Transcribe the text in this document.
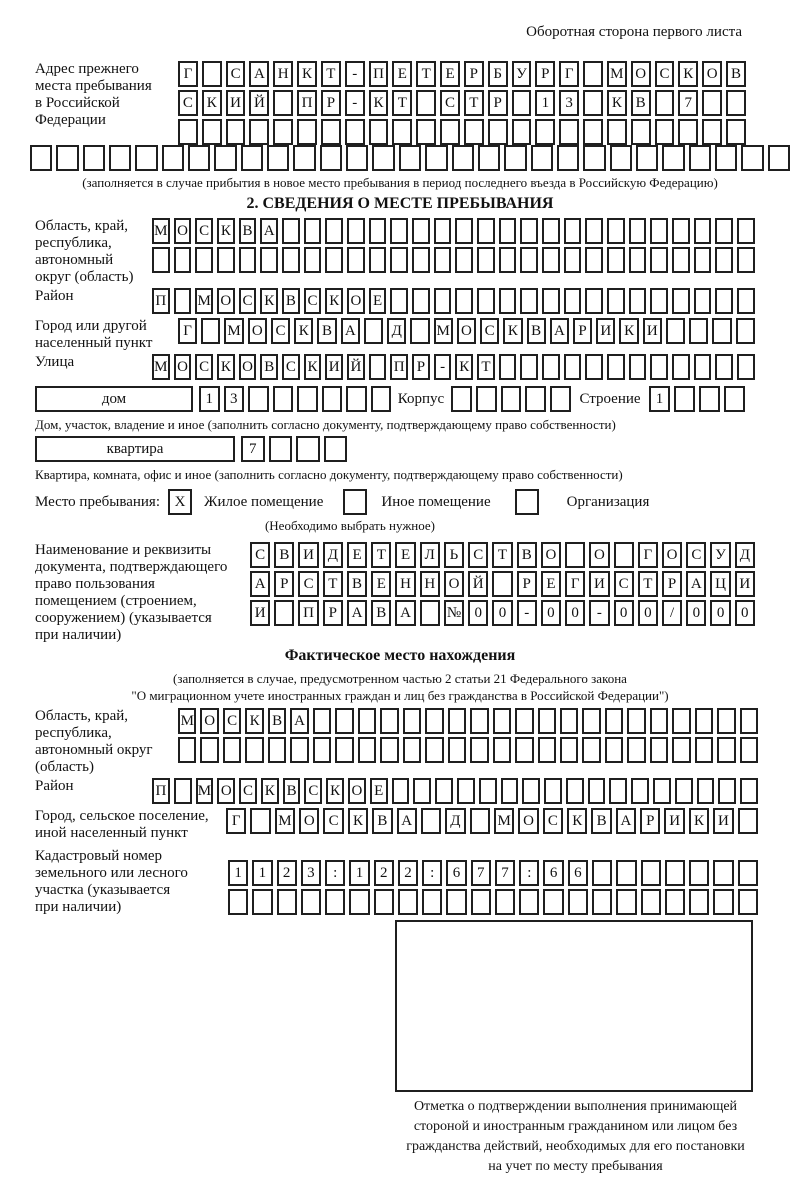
Оборотная сторона первого листа
Адрес прежнего
места пребывания
в Российской
Федерации
Г	С А Н К Т	-	П Е Т Е	Р	Б У Р	Г	М О С К О В
С К И Й	П Р	-	К Т	С Т	Р	1	3	К В	7
(заполняется в случае прибытия в новое место пребывания в период последнего въезда в Российскую Федерацию)
2. СВЕДЕНИЯ О МЕСТЕ ПРЕБЫВАНИЯ
Область, край,
республика,
автономный
округ (область)
М О С К В А
Район	П М О С К В С К О Е
Город или другой
населенный пункт
Г	М О С К В А	Д	М О С К В А Р И К И
Улица	М О С К О В С К И Й П Р	- К Т
дом	1	3	Корпус	Строение	1
Дом, участок, владение и иное (заполнить согласно документу, подтверждающему право собственности)
квартира	7
Квартира, комната, офис и иное (заполнить согласно документу, подтверждающему право собственности)
Место пребывания: X	Жилое помещение	Иное помещение	Организация
(Необходимо выбрать нужное)
Наименование и реквизиты
документа, подтверждающего
право пользования
помещением (строением,
сооружением) (указывается
при наличии)
С В И Д Е	Т	Е Л Ь С Т В О	О	Г О С У Д
А Р	С Т В Е Н Н О Й	Р	Е	Г И С Т	Р А Ц И
И	П Р А В А	№ 0	0	-	0	0	-	0	0	/	0	0	0
Фактическое место нахождения
(заполняется в случае, предусмотренном частью 2 статьи 21 Федерального закона
"О миграционном учете иностранных граждан и лиц без гражданства в Российской Федерации")
Область, край,
республика,
автономный округ
(область)
М О С К В А
Район	П М О С К В С К О Е
Город, сельское поселение,
иной населенный пункт
Г	М О С К В А	Д	М О С К В А Р И К И
Кадастровый номер
земельного или лесного
участка (указывается
при наличии)
1	1	2	3	:	1	2	2	:	6	7	7	:	6	6
Отметка о подтверждении выполнения принимающей
стороной и иностранным гражданином или лицом без
гражданства действий, необходимых для его постановки
на учет по месту пребывания
